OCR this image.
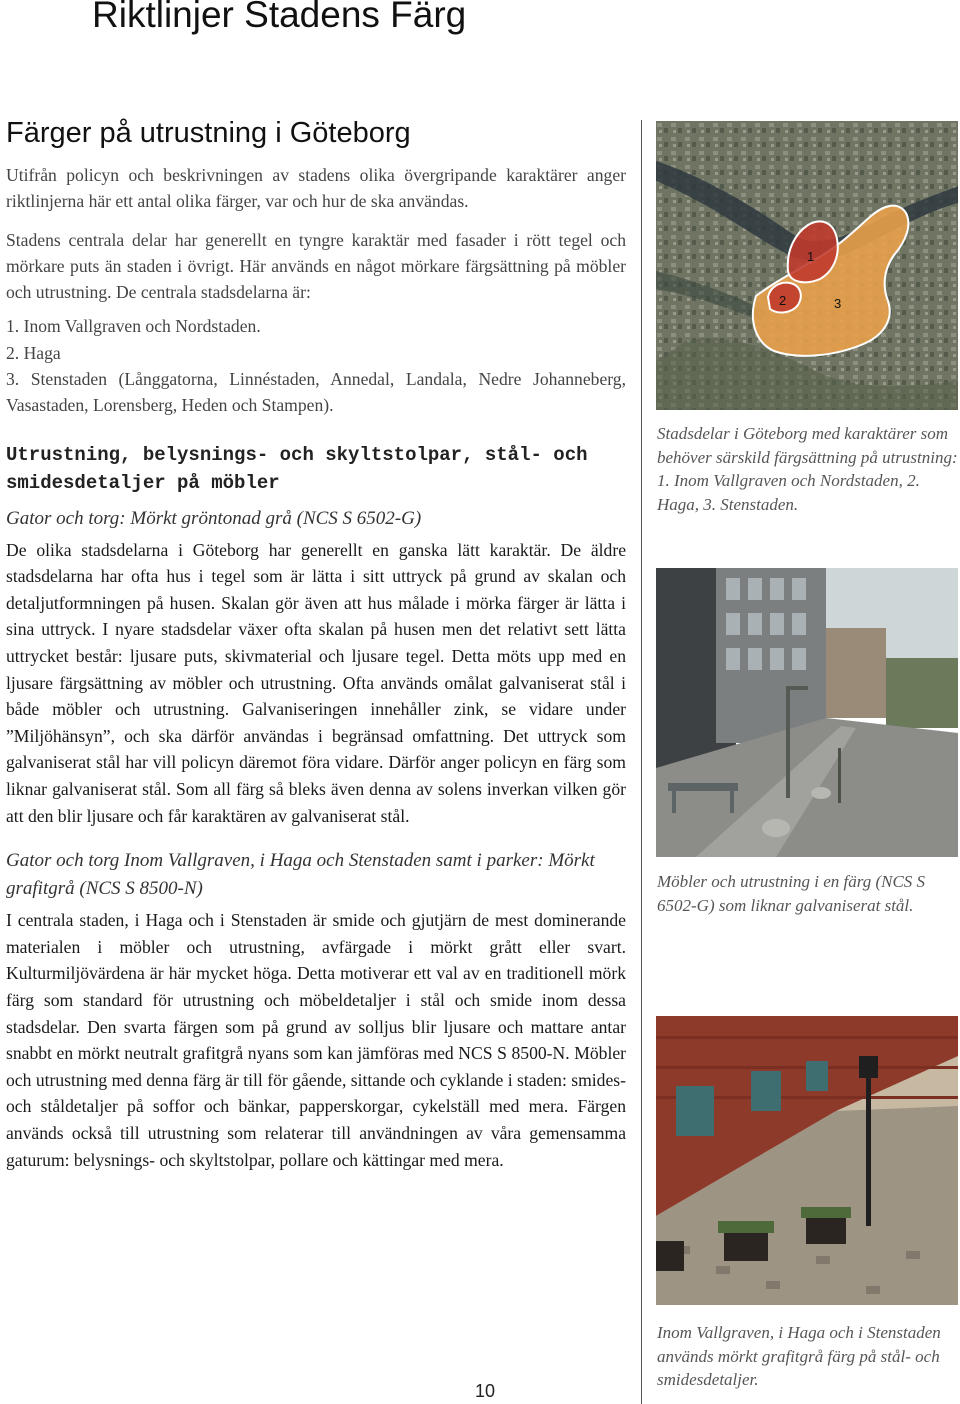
Riktlinjer Stadens Färg
Färger på utrustning i Göteborg

Utifrån policyn och beskrivningen av stadens olika övergripande karaktärer anger riktlinjerna här ett antal olika färger, var och hur de ska användas.

Stadens centrala delar har generellt en tyngre karaktär med fasader i rött tegel och mörkare puts än staden i övrigt. Här används en något mörkare färgsättning på möbler och utrustning. De centrala stadsdelarna är:

1. Inom Vallgraven och Nordstaden.
2. Haga
3. Stenstaden (Långgatorna, Linnéstaden, Annedal, Landala, Nedre Johanneberg, Vasastaden, Lorensberg, Heden och Stampen).
Utrustning, belysnings- och skyltstolpar, stål- och smidesdetaljer på möbler

Gator och torg: Mörkt gröntonad grå (NCS S 6502-G)

De olika stadsdelarna i Göteborg har generellt en ganska lätt karaktär. De äldre stadsdelarna har ofta hus i tegel som är lätta i sitt uttryck på grund av skalan och detaljutformningen på husen. Skalan gör även att hus målade i mörka färger är lätta i sina uttryck. I nyare stadsdelar växer ofta skalan på husen men det relativt sett lätta uttrycket består: ljusare puts, skivmaterial och ljusare tegel. Detta möts upp med en ljusare färgsättning av möbler och utrustning. Ofta används omålat galvaniserat stål i både möbler och utrustning. Galvaniseringen innehåller zink, se vidare under ”Miljöhänsyn”, och ska därför användas i begränsad omfattning. Det uttryck som galvaniserat stål har vill policyn däremot föra vidare. Därför anger policyn en färg som liknar galvaniserat stål. Som all färg så bleks även denna av solens inverkan vilken gör att den blir ljusare och får karaktären av galvaniserat stål.

Gator och torg Inom Vallgraven, i Haga och Stenstaden samt i parker: Mörkt grafitgrå (NCS S 8500-N)

I centrala staden, i Haga och i Stenstaden är smide och gjutjärn de mest dominerande materialen i möbler och utrustning, avfärgade i mörkt grått eller svart. Kulturmiljövärdena är här mycket höga. Detta motiverar ett val av en traditionell mörk färg som standard för utrustning och möbeldetaljer i stål och smide inom dessa stadsdelar. Den svarta färgen som på grund av solljus blir ljusare och mattare antar snabbt en mörkt neutralt grafitgrå nyans som kan jämföras med NCS S 8500-N. Möbler och utrustning med denna färg är till för gående, sittande och cyklande i staden: smides- och ståldetaljer på soffor och bänkar, papperskorgar, cykelställ med mera. Färgen används också till utrustning som relaterar till användningen av våra gemensamma gaturum: belysnings- och skyltstolpar, pollare och kättingar med mera.

1
2	3

Stadsdelar i Göteborg med karaktärer som behöver särskild färgsättning på utrustning: 1. Inom Vallgraven och Nordstaden, 2. Haga, 3. Stenstaden.

Möbler och utrustning i en färg (NCS S 6502-G) som liknar galvaniserat stål.

Inom Vallgraven, i Haga och i Stenstaden används mörkt grafitgrå färg på stål- och smidesdetaljer.

10
